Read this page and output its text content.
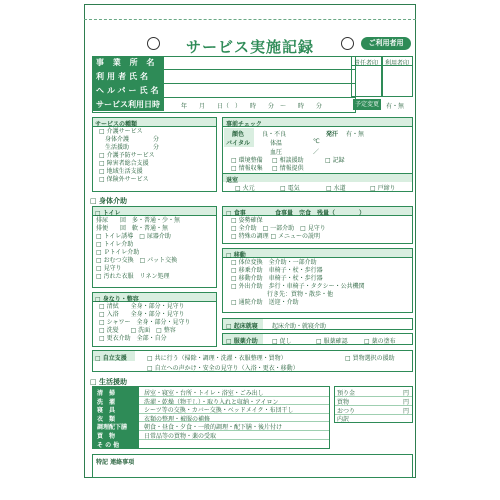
サービス実施記録	ご利用者用
事 業 所 名
利用者氏名
ヘルパー氏名
サービス利用日時	年　　月　　日（　）　　時　　分　～　　時　　分	予定変更	有・無
責任者印 利用者印
サービスの種類
□ 介護サービス
　身体介護　　　　分
　生活援助　　　　分
□ 介護予防サービス
□ 障害者総合支援
□ 地域生活支援
□ 保険外サービス
事前チェック
顔色	良・不良	発汗 有・無
バイタル	体温	℃
血圧	／
□ 環境整備 □ 相談援助	□ 記録
□ 情報収集 □ 情報提供
退室
□ 火元	□ 電気	□ 水道	□ 戸締り
□ 身体介助
□ トイレ
排尿　　回　多・普通・少・無
排便　　回　軟・普通・無
□ トイレ誘導　□ 尿器介助
□ トイレ介助
□ Ｐトイレ介助
□ おむつ交換　□ パット交換
□ 見守り
□ 汚れた衣服　リネン処理
□ 食事	食事量　完食　残量（　　　　）
□ 姿勢確保
□ 全介助　□ 一部介助　□ 見守り
□ 特殊の調理 □ メニューの説明
□ 移動
□ 体位変換　全介助・一部介助
□ 移乗介助　車椅子・杖・歩行器
□ 移動介助　車椅子・杖・歩行器
□ 外出介助　歩行・車椅子・タクシー・公共機関
　　　　　　行き先：買物・散歩・他
□ 通院介助　送迎・介助
□ 身なり・整容
□ 清拭　　全身・部分・見守り
□ 入浴　　全身・部分・見守り
□ シャワー　全身・部分・見守り
□ 洗髪　　□ 洗面　□ 整容
□ 更衣介助　全部・自分
□ 起床就寝 起床介助・就寝介助
□ 服薬介助 □ 促し	□ 服薬確認	□ 薬の塗布
□ 自立支援	□ 共に行う（掃除・調理・洗濯・衣服整理・買物）
□ 自立への声かけ・安全の見守り（入浴・更衣・移動）
□ 買物選択の援助
□ 生活援助
清　掃	居室・寝室・台所・トイレ・浴室・ごみ出し
洗　濯	洗濯・乾燥（物干し）・取り入れと収納・アイロン
寝　具	シーツ等の交換・カバー交換・ベッドメイク・布団干し
衣　類	衣類の整理・被服の補修
調理配下膳	朝食・昼食・夕食・一般的調理・配下膳・後片付け
買　物	日常品等の買物・薬の受取
そ の 他
預り金	円
買物	円
おつり	円
内訳
特記 連絡事項
